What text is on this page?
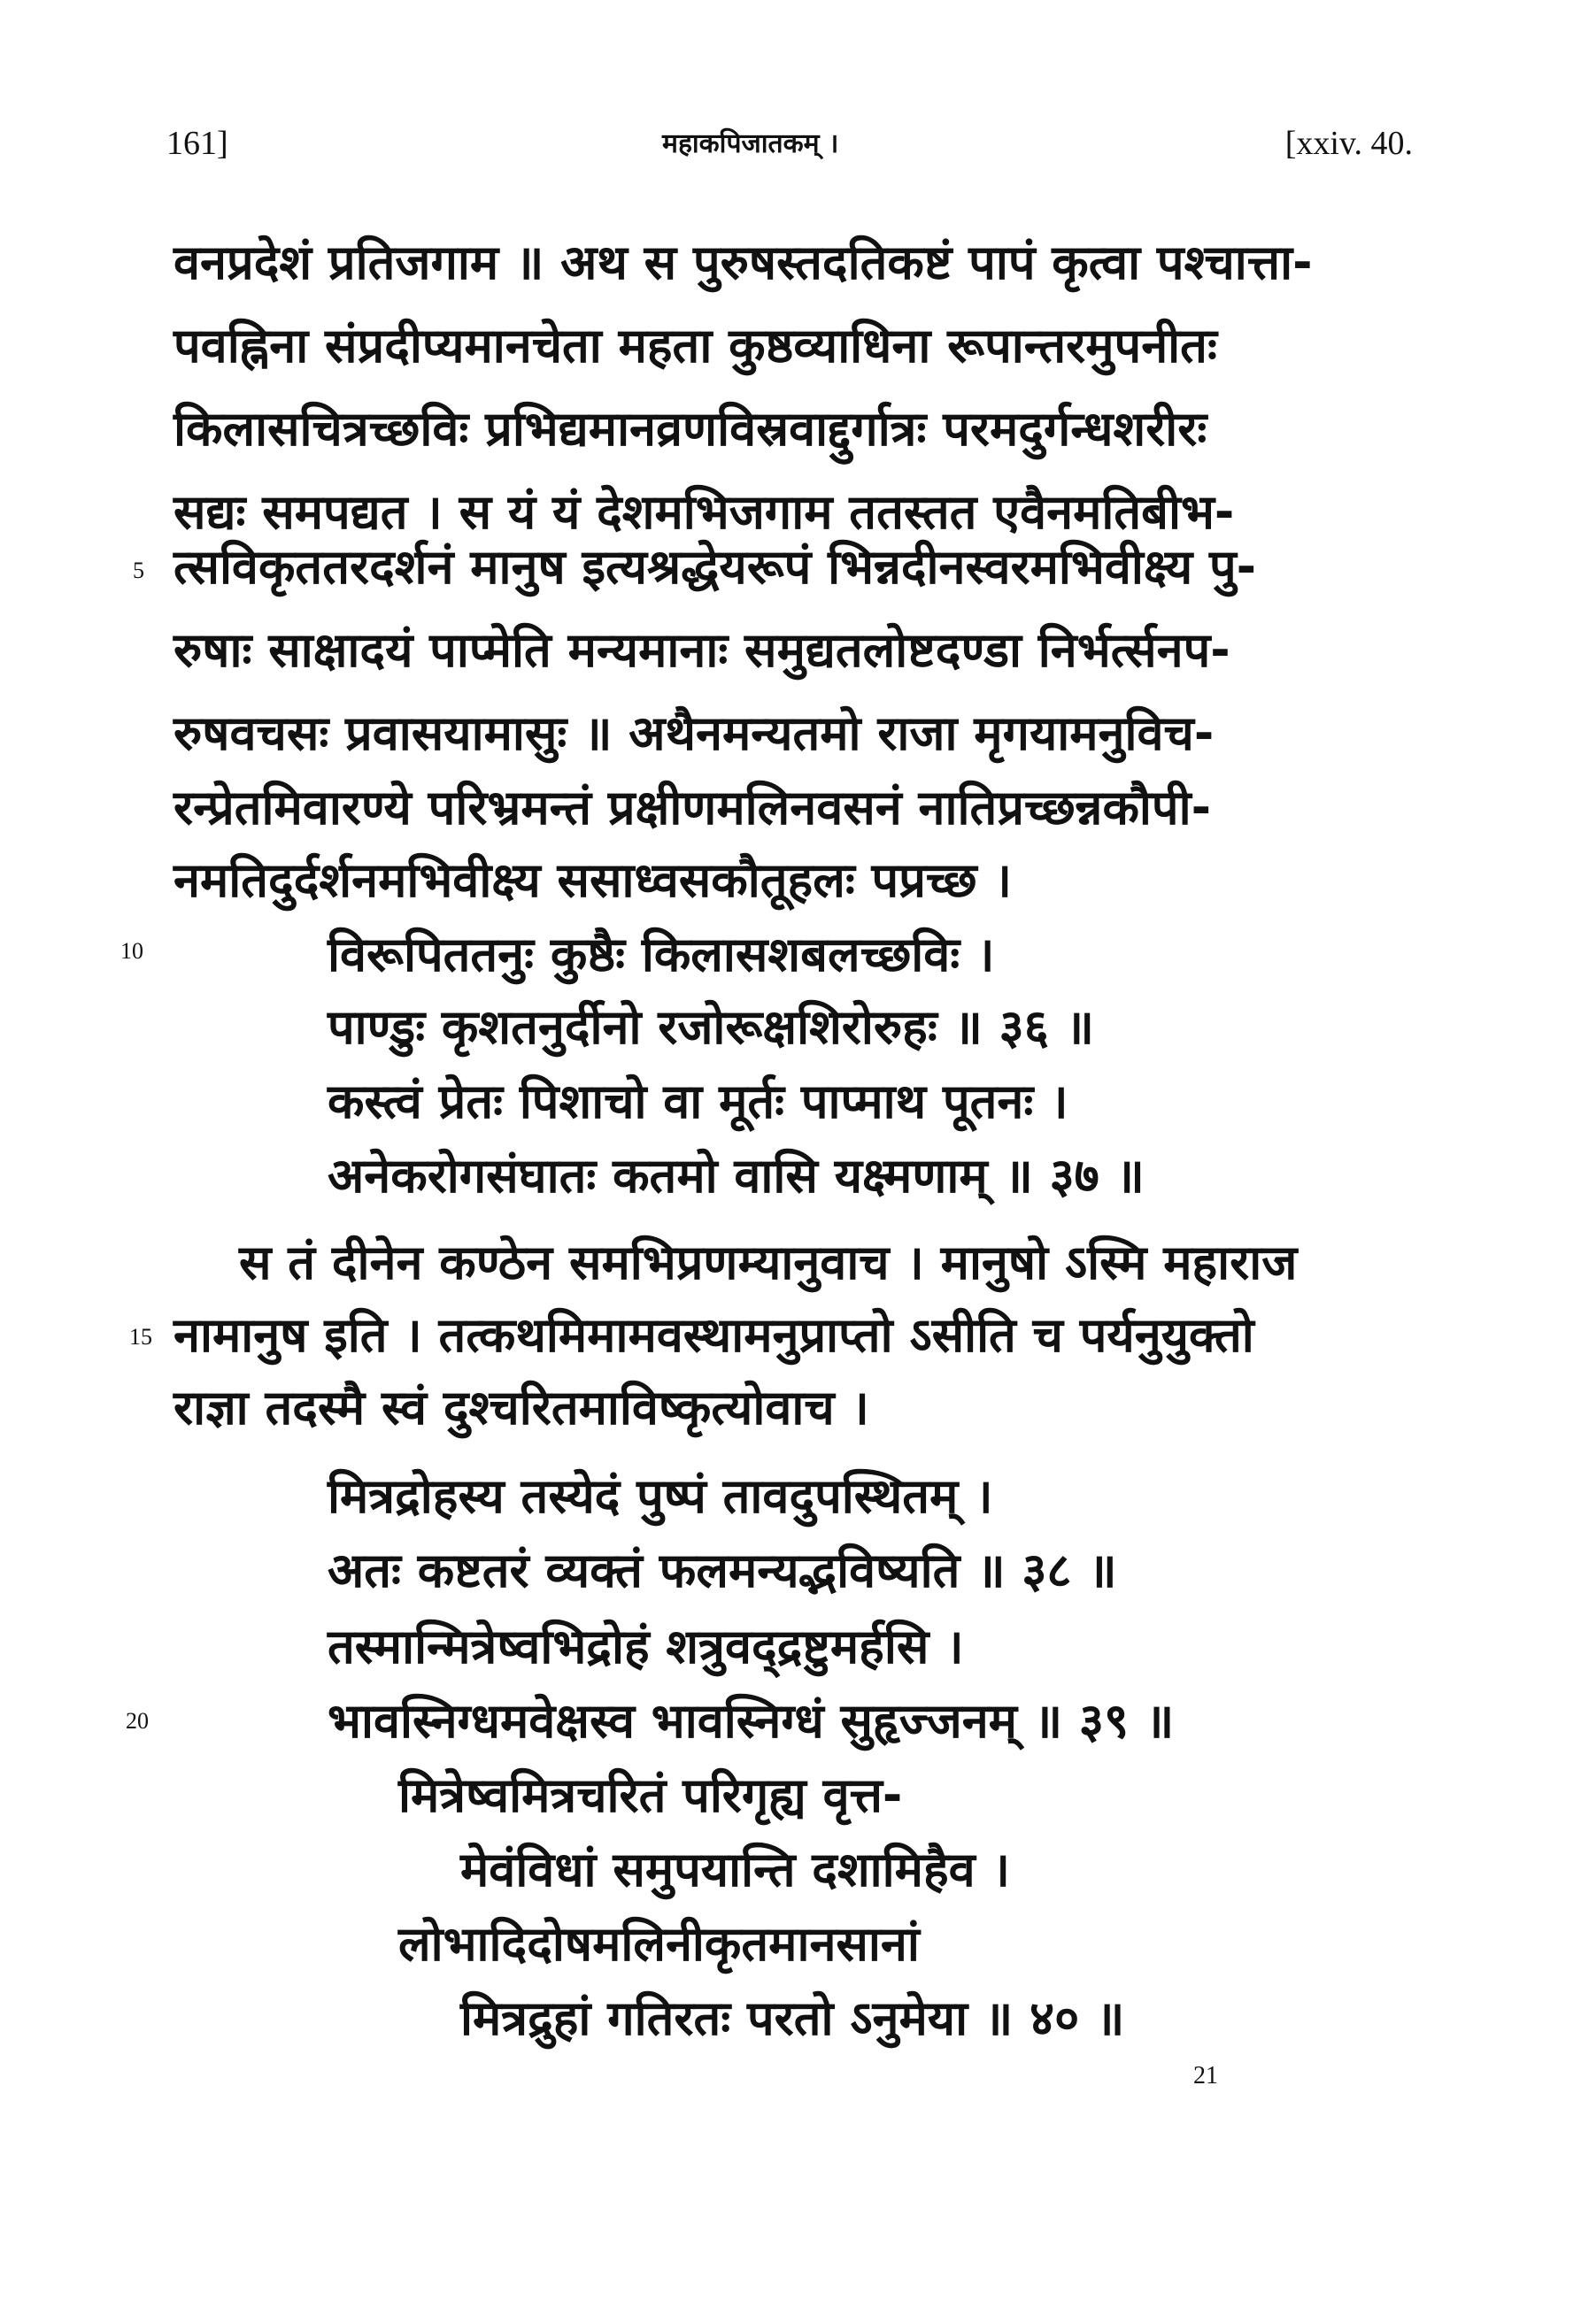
161]	महाकपिजातकम् ।	[xxiv. 40.
वनप्रदेशं प्रतिजगाम ॥ अथ स पुरुषस्तदतिकष्टं पापं कृत्वा पश्चात्ता-
पवह्निना संप्रदीप्यमानचेता महता कुष्ठव्याधिना रूपान्तरमुपनीतः
किलासचित्रच्छविः प्रभिद्यमानव्रणविस्रवाद्दुर्गात्रः परमदुर्गन्धशरीरः
सद्यः समपद्यत । स यं यं देशमभिजगाम ततस्तत एवैनमतिबीभ-
त्सविकृततरदर्शनं मानुष इत्यश्रद्धेयरूपं भिन्नदीनस्वरमभिवीक्ष्य पु-
रुषाः साक्षादयं पाप्मेति मन्यमानाः समुद्यतलोष्टदण्डा निर्भर्त्सनप-
रुषवचसः प्रवासयामासुः ॥ अथैनमन्यतमो राजा मृगयामनुविच-
रन्प्रेतमिवारण्ये परिभ्रमन्तं प्रक्षीणमलिनवसनं नातिप्रच्छन्नकौपी-
नमतिदुर्दर्शनमभिवीक्ष्य ससाध्वसकौतूहलः पप्रच्छ ।
विरूपिततनुः कुष्ठैः किलासशबलच्छविः ।
पाण्डुः कृशतनुर्दीनो रजोरूक्षशिरोरुहः ॥ ३६ ॥
कस्त्वं प्रेतः पिशाचो वा मूर्तः पाप्माथ पूतनः ।
अनेकरोगसंघातः कतमो वासि यक्ष्मणाम् ॥ ३७ ॥
स तं दीनेन कण्ठेन समभिप्रणम्यानुवाच । मानुषो ऽस्मि महाराज
नामानुष इति । तत्कथमिमामवस्थामनुप्राप्तो ऽसीति च पर्यनुयुक्तो
राज्ञा तदस्मै स्वं दुश्चरितमाविष्कृत्योवाच ।
मित्रद्रोहस्य तस्येदं पुष्पं तावदुपस्थितम् ।
अतः कष्टतरं व्यक्तं फलमन्यद्भविष्यति ॥ ३८ ॥
तस्मान्मित्रेष्वभिद्रोहं शत्रुवद्द्रष्टुमर्हसि ।
भावस्निग्धमवेक्षस्व भावस्निग्धं सुहृज्जनम् ॥ ३९ ॥
मित्रेष्वमित्रचरितं परिगृह्य वृत्त-
मेवंविधां समुपयान्ति दशामिहैव ।
लोभादिदोषमलिनीकृतमानसानां
मित्रद्रुहां गतिरतः परतो ऽनुमेया ॥ ४० ॥
5
10
15
20
21
